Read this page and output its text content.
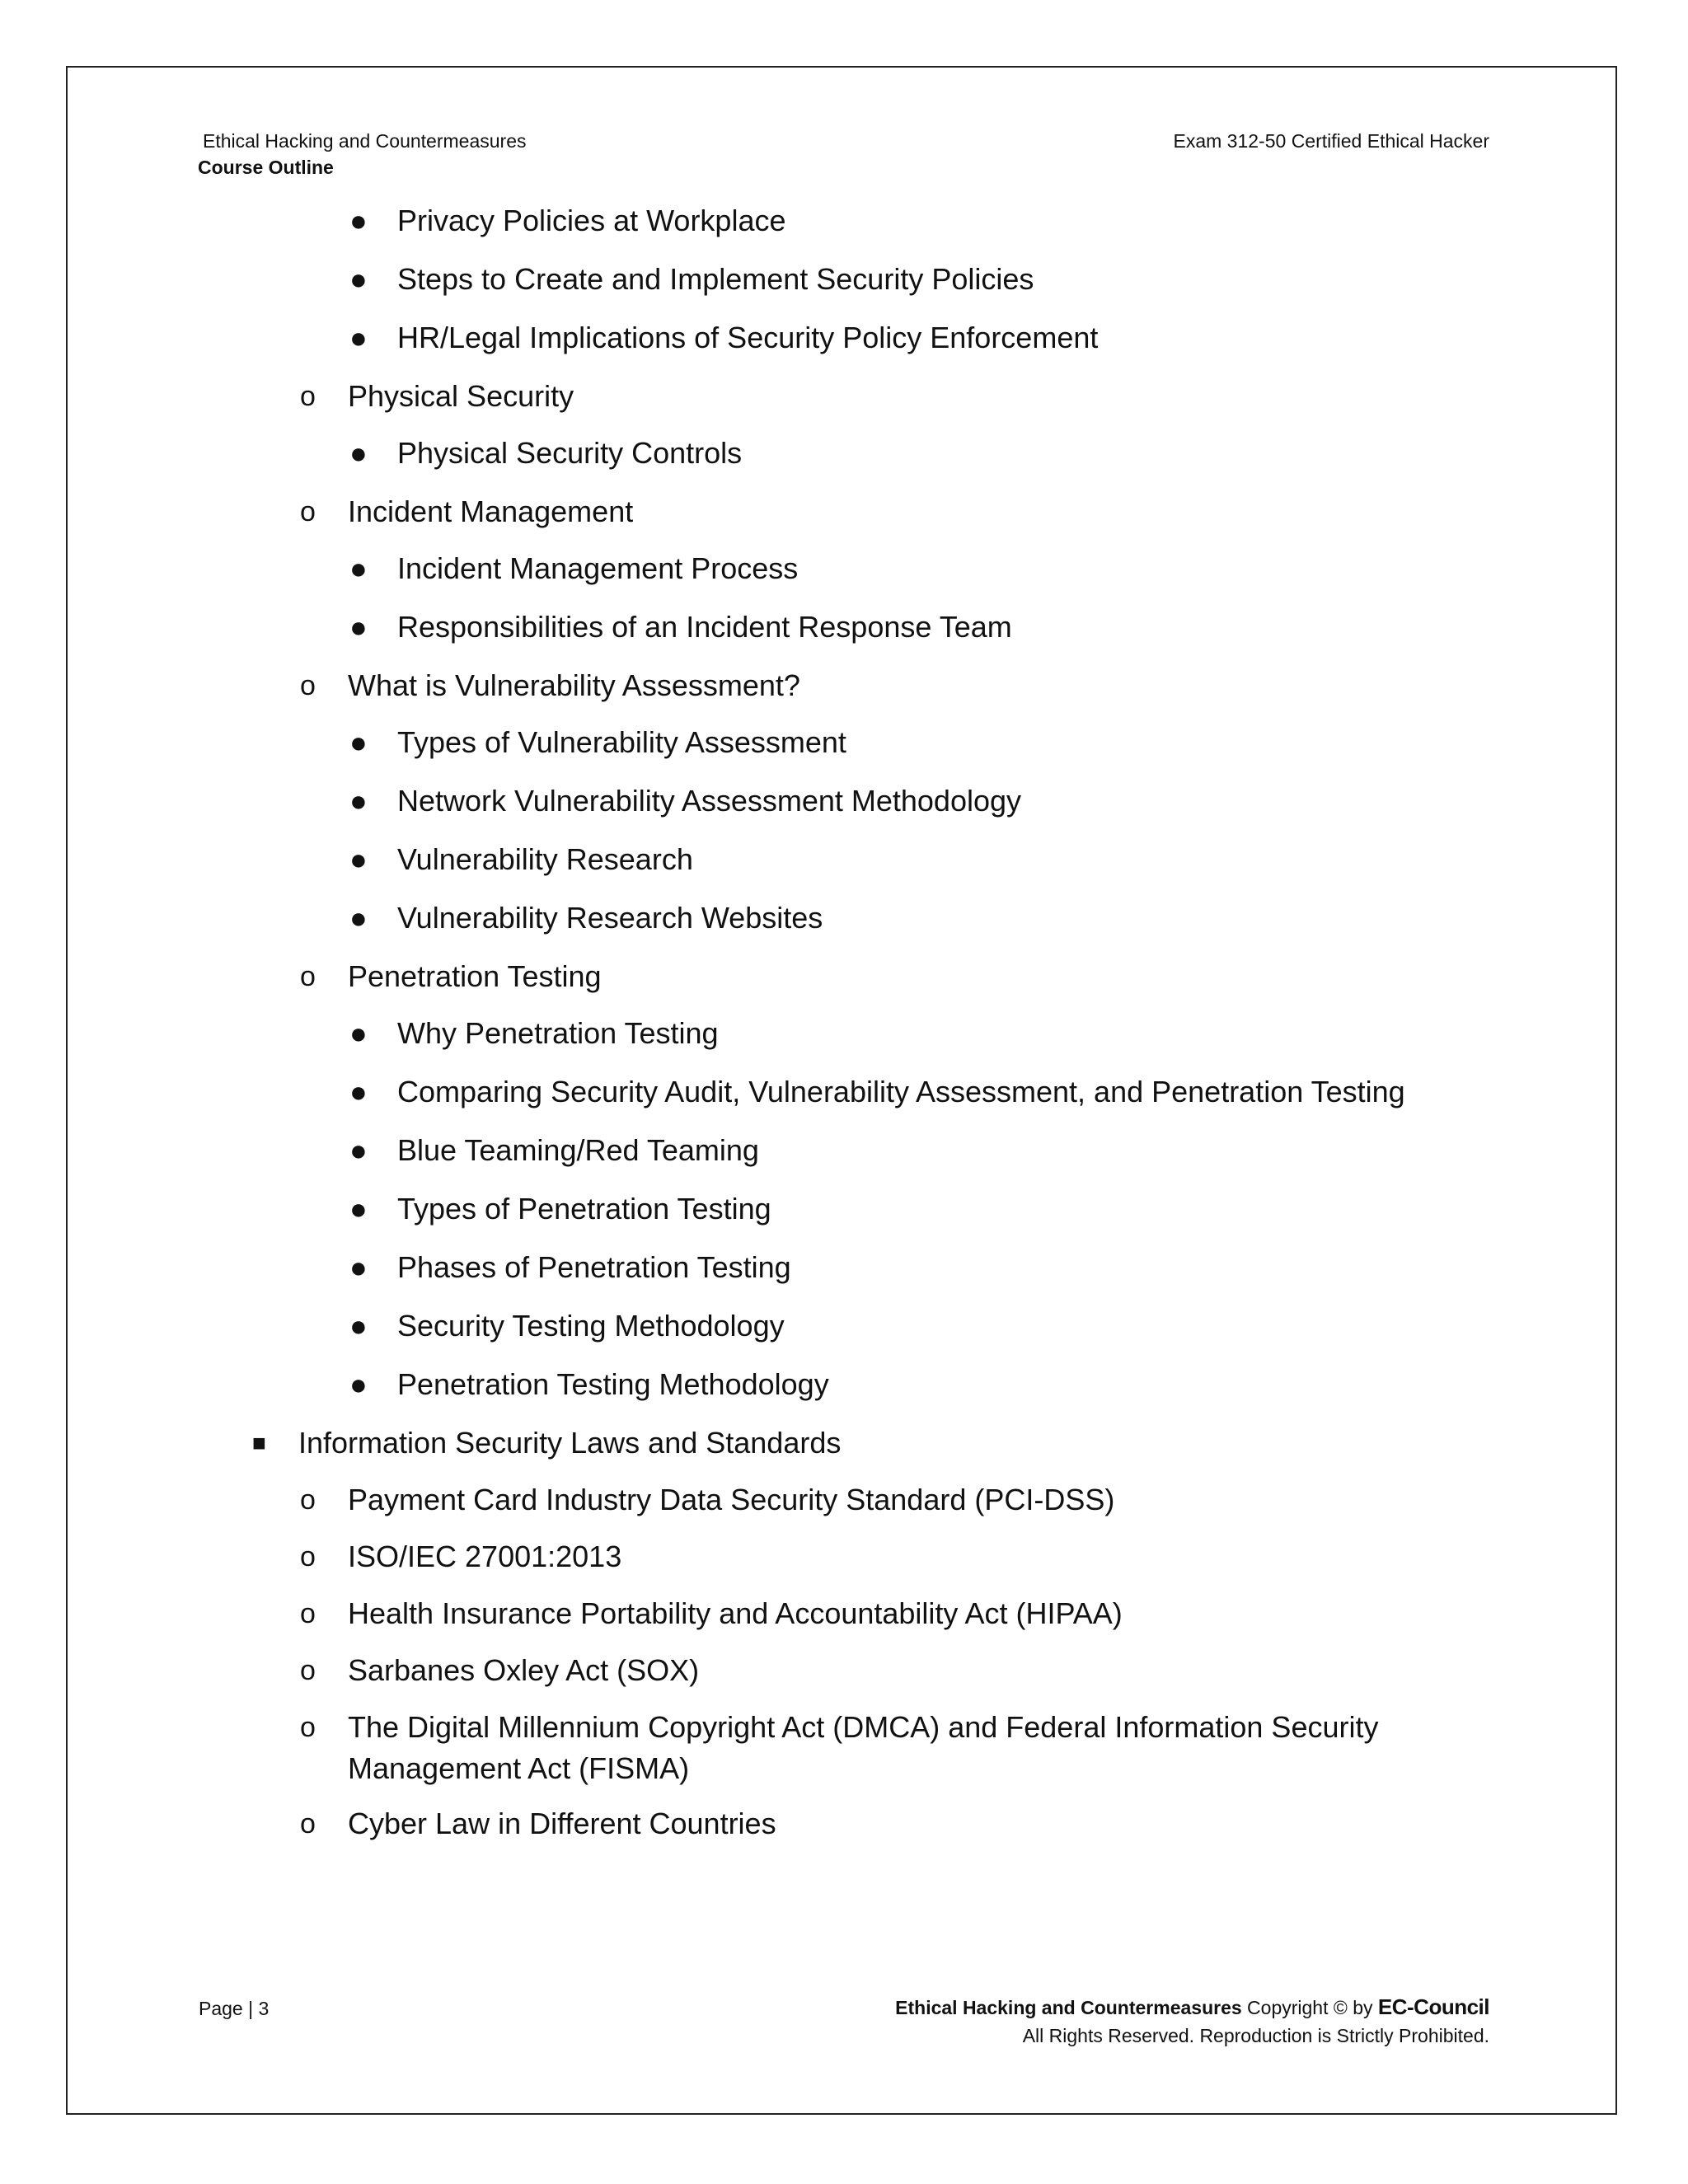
Ethical Hacking and Countermeasures
Course Outline
Exam 312-50 Certified Ethical Hacker
● Privacy Policies at Workplace
● Steps to Create and Implement Security Policies
● HR/Legal Implications of Security Policy Enforcement
o Physical Security
● Physical Security Controls
o Incident Management
● Incident Management Process
● Responsibilities of an Incident Response Team
o What is Vulnerability Assessment?
● Types of Vulnerability Assessment
● Network Vulnerability Assessment Methodology
● Vulnerability Research
● Vulnerability Research Websites
o Penetration Testing
● Why Penetration Testing
● Comparing Security Audit, Vulnerability Assessment, and Penetration Testing
● Blue Teaming/Red Teaming
● Types of Penetration Testing
● Phases of Penetration Testing
● Security Testing Methodology
● Penetration Testing Methodology
■ Information Security Laws and Standards
o Payment Card Industry Data Security Standard (PCI-DSS)
o ISO/IEC 27001:2013
o Health Insurance Portability and Accountability Act (HIPAA)
o Sarbanes Oxley Act (SOX)
o The Digital Millennium Copyright Act (DMCA) and Federal Information Security Management Act (FISMA)
o Cyber Law in Different Countries
Page | 3	Ethical Hacking and Countermeasures Copyright © by EC-Council
All Rights Reserved. Reproduction is Strictly Prohibited.
